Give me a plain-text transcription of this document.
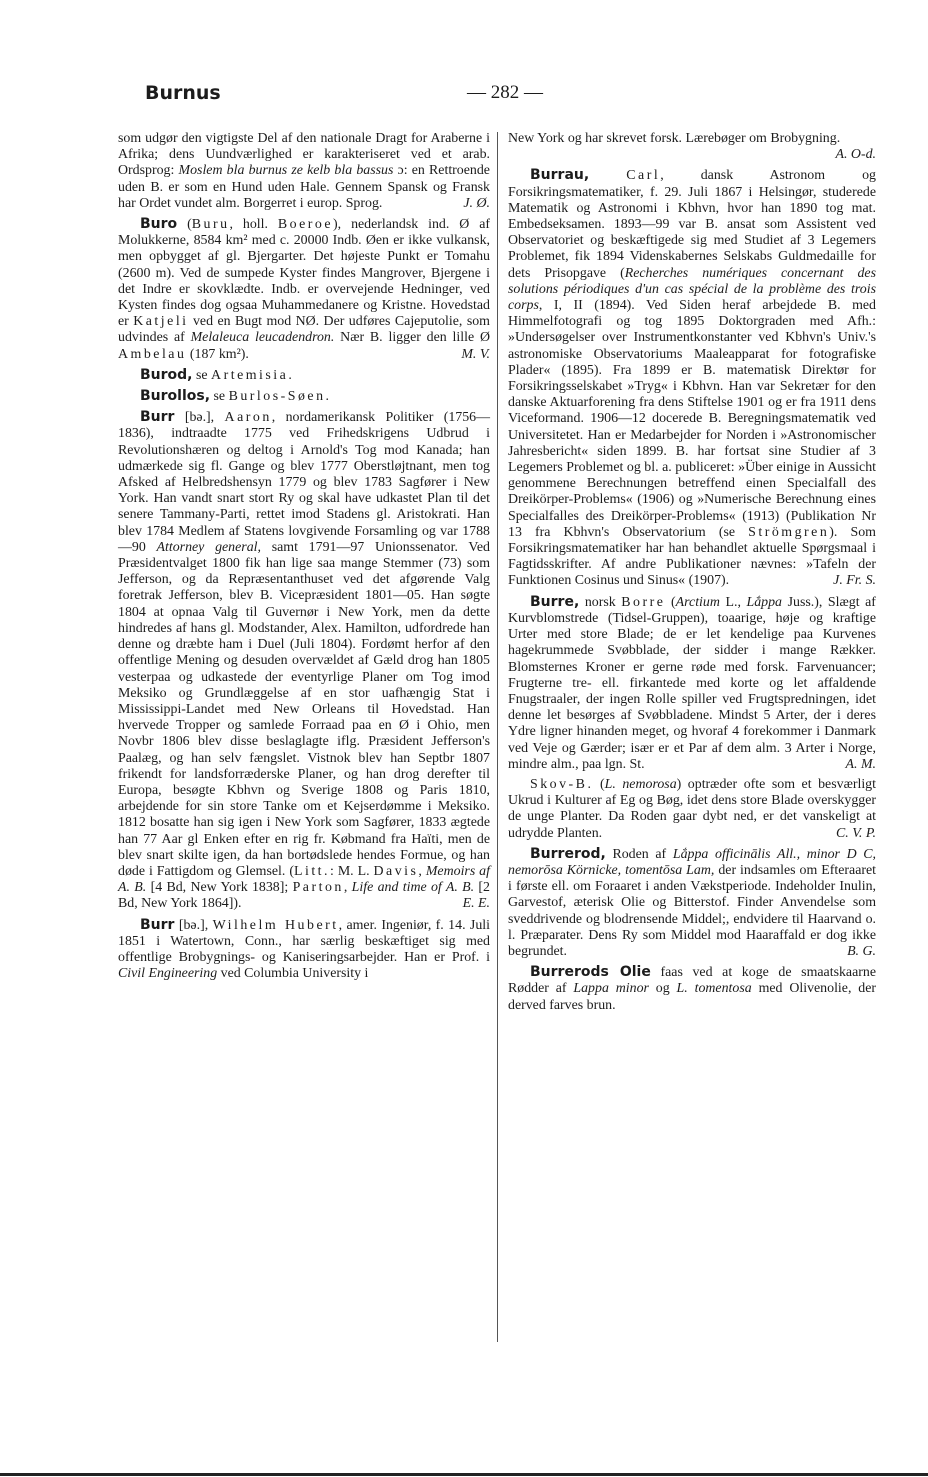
Burnus	— 282 —

som udgør den vigtigste Del af den nationale Dragt for Araberne i Afrika; dens Uundværlighed er karakteriseret ved et arab. Ordsprog: Moslem bla burnus ze kelb bla bassus ɔ: en Rettroende uden B. er som en Hund uden Hale. Gennem Spansk og Fransk har Ordet vundet alm. Borgerret i europ. Sprog.	J. Ø.

Buro (Buru, holl. Boeroe), nederlandsk ind. Ø af Molukkerne, 8584 km² med c. 20000 Indb. Øen er ikke vulkansk, men opbygget af gl. Bjergarter. Det højeste Punkt er Tomahu (2600 m). Ved de sumpede Kyster findes Mangrover, Bjergene i det Indre er skovklædte. Indb. er overvejende Hedninger, ved Kysten findes dog ogsaa Muhammedanere og Kristne. Hovedstad er Katjeli ved en Bugt mod NØ. Der udføres Cajeputolie, som udvindes af Melaleuca leucadendron. Nær B. ligger den lille Ø Ambelau (187 km²).	M. V.

Burod, se Artemisia.

Burollos, se Burlos-Søen.

Burr [bə.], Aaron, nordamerikansk Politiker (1756—1836), indtraadte 1775 ved Frihedskrigens Udbrud i Revolutionshæren og deltog i Arnold's Tog mod Kanada; han udmærkede sig fl. Gange og blev 1777 Oberstløjtnant, men tog Afsked af Helbredshensyn 1779 og blev 1783 Sagfører i New York. Han vandt snart stort Ry og skal have udkastet Plan til det senere Tammany-Parti, rettet imod Stadens gl. Aristokrati. Han blev 1784 Medlem af Statens lovgivende Forsamling og var 1788—90 Attorney general, samt 1791—97 Unionssenator. Ved Præsidentvalget 1800 fik han lige saa mange Stemmer (73) som Jefferson, og da Repræsentanthuset ved det afgørende Valg foretrak Jefferson, blev B. Vicepræsident 1801—05. Han søgte 1804 at opnaa Valg til Guvernør i New York, men da dette hindredes af hans gl. Modstander, Alex. Hamilton, udfordrede han denne og dræbte ham i Duel (Juli 1804). Fordømt herfor af den offentlige Mening og desuden overvældet af Gæld drog han 1805 vesterpaa og udkastede der eventyrlige Planer om Tog imod Meksiko og Grundlæggelse af en stor uafhængig Stat i Mississippi-Landet med New Orleans til Hovedstad. Han hvervede Tropper og samlede Forraad paa en Ø i Ohio, men Novbr 1806 blev disse beslaglagte iflg. Præsident Jefferson's Paalæg, og han selv fængslet. Vistnok blev han Septbr 1807 frikendt for landsforræderske Planer, og han drog derefter til Europa, besøgte Kbhvn og Sverige 1808 og Paris 1810, arbejdende for sin store Tanke om et Kejserdømme i Meksiko. 1812 bosatte han sig igen i New York som Sagfører, 1833 ægtede han 77 Aar gl Enken efter en rig fr. Købmand fra Haïti, men de blev snart skilte igen, da han bortødslede hendes Formue, og han døde i Fattigdom og Glemsel. (Litt.: M. L. Davis, Memoirs af A. B. [4 Bd, New York 1838]; Parton, Life and time of A. B. [2 Bd, New York 1864]).	E. E.

Burr [bə.], Wilhelm Hubert, amer. Ingeniør, f. 14. Juli 1851 i Watertown, Conn., har særlig beskæftiget sig med offentlige Brobygnings- og Kaniseringsarbejder. Han er Prof. i Civil Engineering ved Columbia University i

New York og har skrevet forsk. Lærebøger om Brobygning.
A. O-d.

Burrau,	Carl, dansk Astronom og Forsikringsmatematiker, f. 29. Juli 1867 i Helsingør, studerede Matematik og Astronomi i Kbhvn, hvor han 1890 tog mat. Embedseksamen. 1893—99 var B. ansat som Assistent ved Observatoriet og beskæftigede sig med Studiet af 3 Legemers Problemet, fik 1894 Videnskabernes Selskabs Guldmedaille for dets Prisopgave (Recherches numériques concernant des solutions périodiques d'un cas spécial de la problème des trois corps, I, II (1894). Ved Siden heraf arbejdede B. med Himmelfotografi og tog 1895 Doktorgraden med Afh.: »Undersøgelser over Instrumentkonstanter ved Kbhvn's Univ.'s astronomiske Observatoriums Maaleapparat for fotografiske Plader« (1895). Fra 1899 er B. matematisk Direktør for Forsikringsselskabet »Tryg« i Kbhvn. Han var Sekretær for den danske Aktuarforening fra dens Stiftelse 1901 og er fra 1911 dens Viceformand. 1906—12 docerede B. Beregningsmatematik ved Universitetet. Han er Medarbejder for Norden i »Astronomischer Jahresbericht« siden 1899. B. har fortsat sine Studier af 3 Legemers Problemet og bl. a. publiceret: »Über einige in Aussicht genommene Berechnungen betreffend einen Specialfall des Dreikörper-Problems« (1906) og »Numerische Berechnung eines Specialfalles des Dreikörper-Problems« (1913) (Publikation Nr 13 fra Kbhvn's Observatorium (se Strömgren). Som Forsikringsmatematiker har han behandlet aktuelle Spørgsmaal i Fagtidsskrifter. Af andre Publikationer nævnes: »Tafeln der Funktionen Cosinus und Sinus« (1907).	J. Fr. S.

Burre, norsk Borre (Arctium L., Lắppa Juss.), Slægt af Kurvblomstrede (Tidsel-Gruppen), toaarige, høje og kraftige Urter med store Blade; de er let kendelige paa Kurvenes hagekrummede Svøbblade, der sidder i mange Rækker. Blomsternes Kroner er gerne røde med forsk. Farvenuancer; Frugterne tre- ell. firkantede med korte og let affaldende Fnugstraaler, der ingen Rolle spiller ved Frugtspredningen, idet denne let besørges af Svøbbladene. Mindst 5 Arter, der i deres Ydre ligner hinanden meget, og hvoraf 4 forekommer i Danmark ved Veje og Gærder; især er et Par af dem alm. 3 Arter i Norge, mindre alm., paa lgn. St.	A. M.

Skov-B. (L. nemorosa) optræder ofte som et besværligt Ukrud i Kulturer af Eg og Bøg, idet dens store Blade overskygger de unge Planter. Da Roden gaar dybt ned, er det vanskeligt at udrydde Planten.	C. V. P.

Burrerod, Roden af Lắppa officinālis All., minor D C, nemorōsa Körnicke, tomentōsa Lam, der indsamles om Efteraaret i første ell. om Foraaret i anden Vækstperiode. Indeholder Inulin, Garvestof, æterisk Olie og Bitterstof. Finder Anvendelse som sveddrivende og blodrensende Middel;, endvidere til Haarvand o. l. Præparater. Dens Ry som Middel mod Haaraffald er dog ikke begrundet.	B. G.

Burrerods Olie faas ved at koge de smaatskaarne Rødder af Lappa minor og L. tomentosa med Olivenolie, der derved farves brun.
